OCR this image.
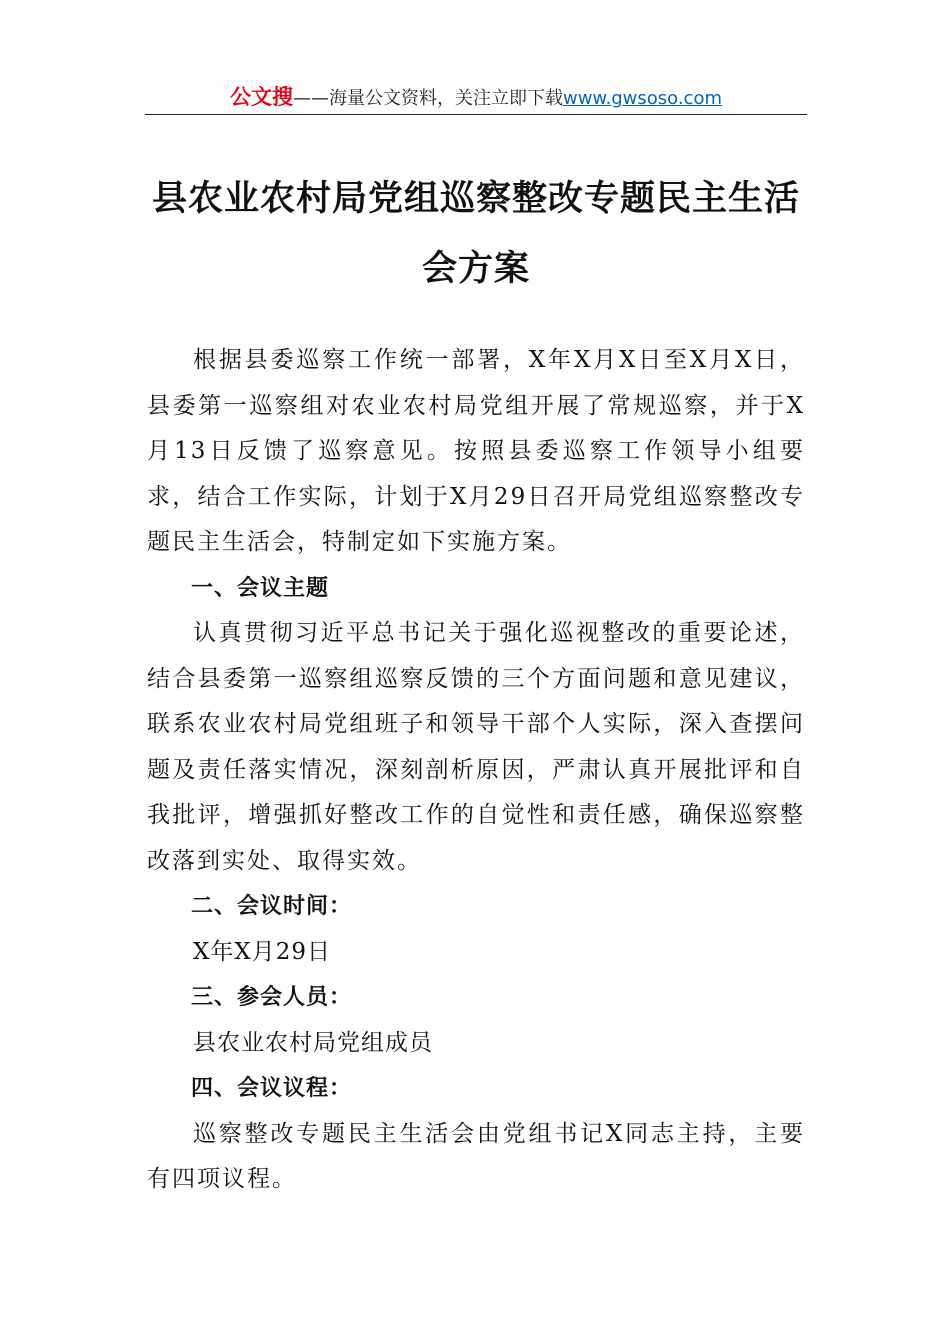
公文搜——海量公文资料，关注立即下载www.gwsoso.com
县农业农村局党组巡察整改专题民主生活
会方案

根据县委巡察工作统一部署，X年X月X日至X月X日，县委第一巡察组对农业农村局党组开展了常规巡察，并于X月13日反馈了巡察意见。按照县委巡察工作领导小组要求，结合工作实际，计划于X月29日召开局党组巡察整改专题民主生活会，特制定如下实施方案。

一、会议主题

认真贯彻习近平总书记关于强化巡视整改的重要论述，结合县委第一巡察组巡察反馈的三个方面问题和意见建议，联系农业农村局党组班子和领导干部个人实际，深入查摆问题及责任落实情况，深刻剖析原因，严肃认真开展批评和自我批评，增强抓好整改工作的自觉性和责任感，确保巡察整改落到实处、取得实效。

二、会议时间：

X年X月29日

三、参会人员：

县农业农村局党组成员

四、会议议程：

巡察整改专题民主生活会由党组书记X同志主持，主要有四项议程。
